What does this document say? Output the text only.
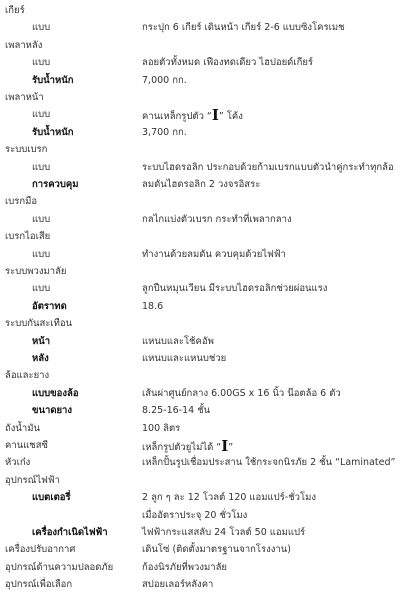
เกียร์
แบบ	กระปุก 6 เกียร์ เดินหน้า เกียร์ 2-6 แบบซิงโครเมช
เพลาหลัง
แบบ	ลอยตัวทั้งหมด เฟืองทดเดียว ไฮปอยด์เกียร์
รับน้ำหนัก	7,000 กก.
เพลาหน้า
แบบ	คานเหล็กรูปตัว “I” โค้ง
รับน้ำหนัก	3,700 กก.
ระบบเบรก
แบบ	ระบบไฮดรอลิก ประกอบด้วยก้ามเบรกแบบตัวนำคู่กระทำทุกล้อ
การควบคุม	ลมดันไฮดรอลิก 2 วงจรอิสระ
เบรกมือ
แบบ	กลไกแบ่งตัวเบรก กระทำที่เพลากลาง
เบรกไอเสีย
แบบ	ทำงานด้วยลมดัน ควบคุมด้วยไฟฟ้า
ระบบพวงมาลัย
แบบ	ลูกปืนหมุนเวียน มีระบบไฮดรอลิกช่วยผ่อนแรง
อัตราทด	18.6
ระบบกันสะเทือน
หน้า	แหนบและโช้คอัพ
หลัง	แหนบและแหนบช่วย
ล้อและยาง
แบบของล้อ	เส้นผ่าศูนย์กลาง 6.00GS x 16 นิ้ว น๊อตล้อ 6 ตัว
ขนาดยาง	8.25-16-14 ชั้น
ถังน้ำมัน	100 ลิตร
คานแชสซี	เหล็กรูปตัวยูไม่ได้ “I”
หัวเก๋ง	เหล็กปั้นรูปเชื่อมประสาน ใช้กระจกนิรภัย 2 ชั้น “Laminated”
อุปกรณ์ไฟฟ้า
แบตเตอรี่	2 ลูก ๆ ละ 12 โวลต์ 120 แอมแปร์-ชั่วโมง
เมื่ออัตราประจุ 20 ชั่วโมง
เครื่องกำเนิดไฟฟ้า	ไฟฟ้ากระแสสลับ 24 โวลต์ 50 แอมแปร์
เครื่องปรับอากาศ	เดินโซ่ (ติดตั้งมาตรฐานจากโรงงาน)
อุปกรณ์ด้านความปลอดภัย	ก้องนิรภัยที่พวงมาลัย
อุปกรณ์เพื่อเลือก	สปอยเลอร์หลังคา
